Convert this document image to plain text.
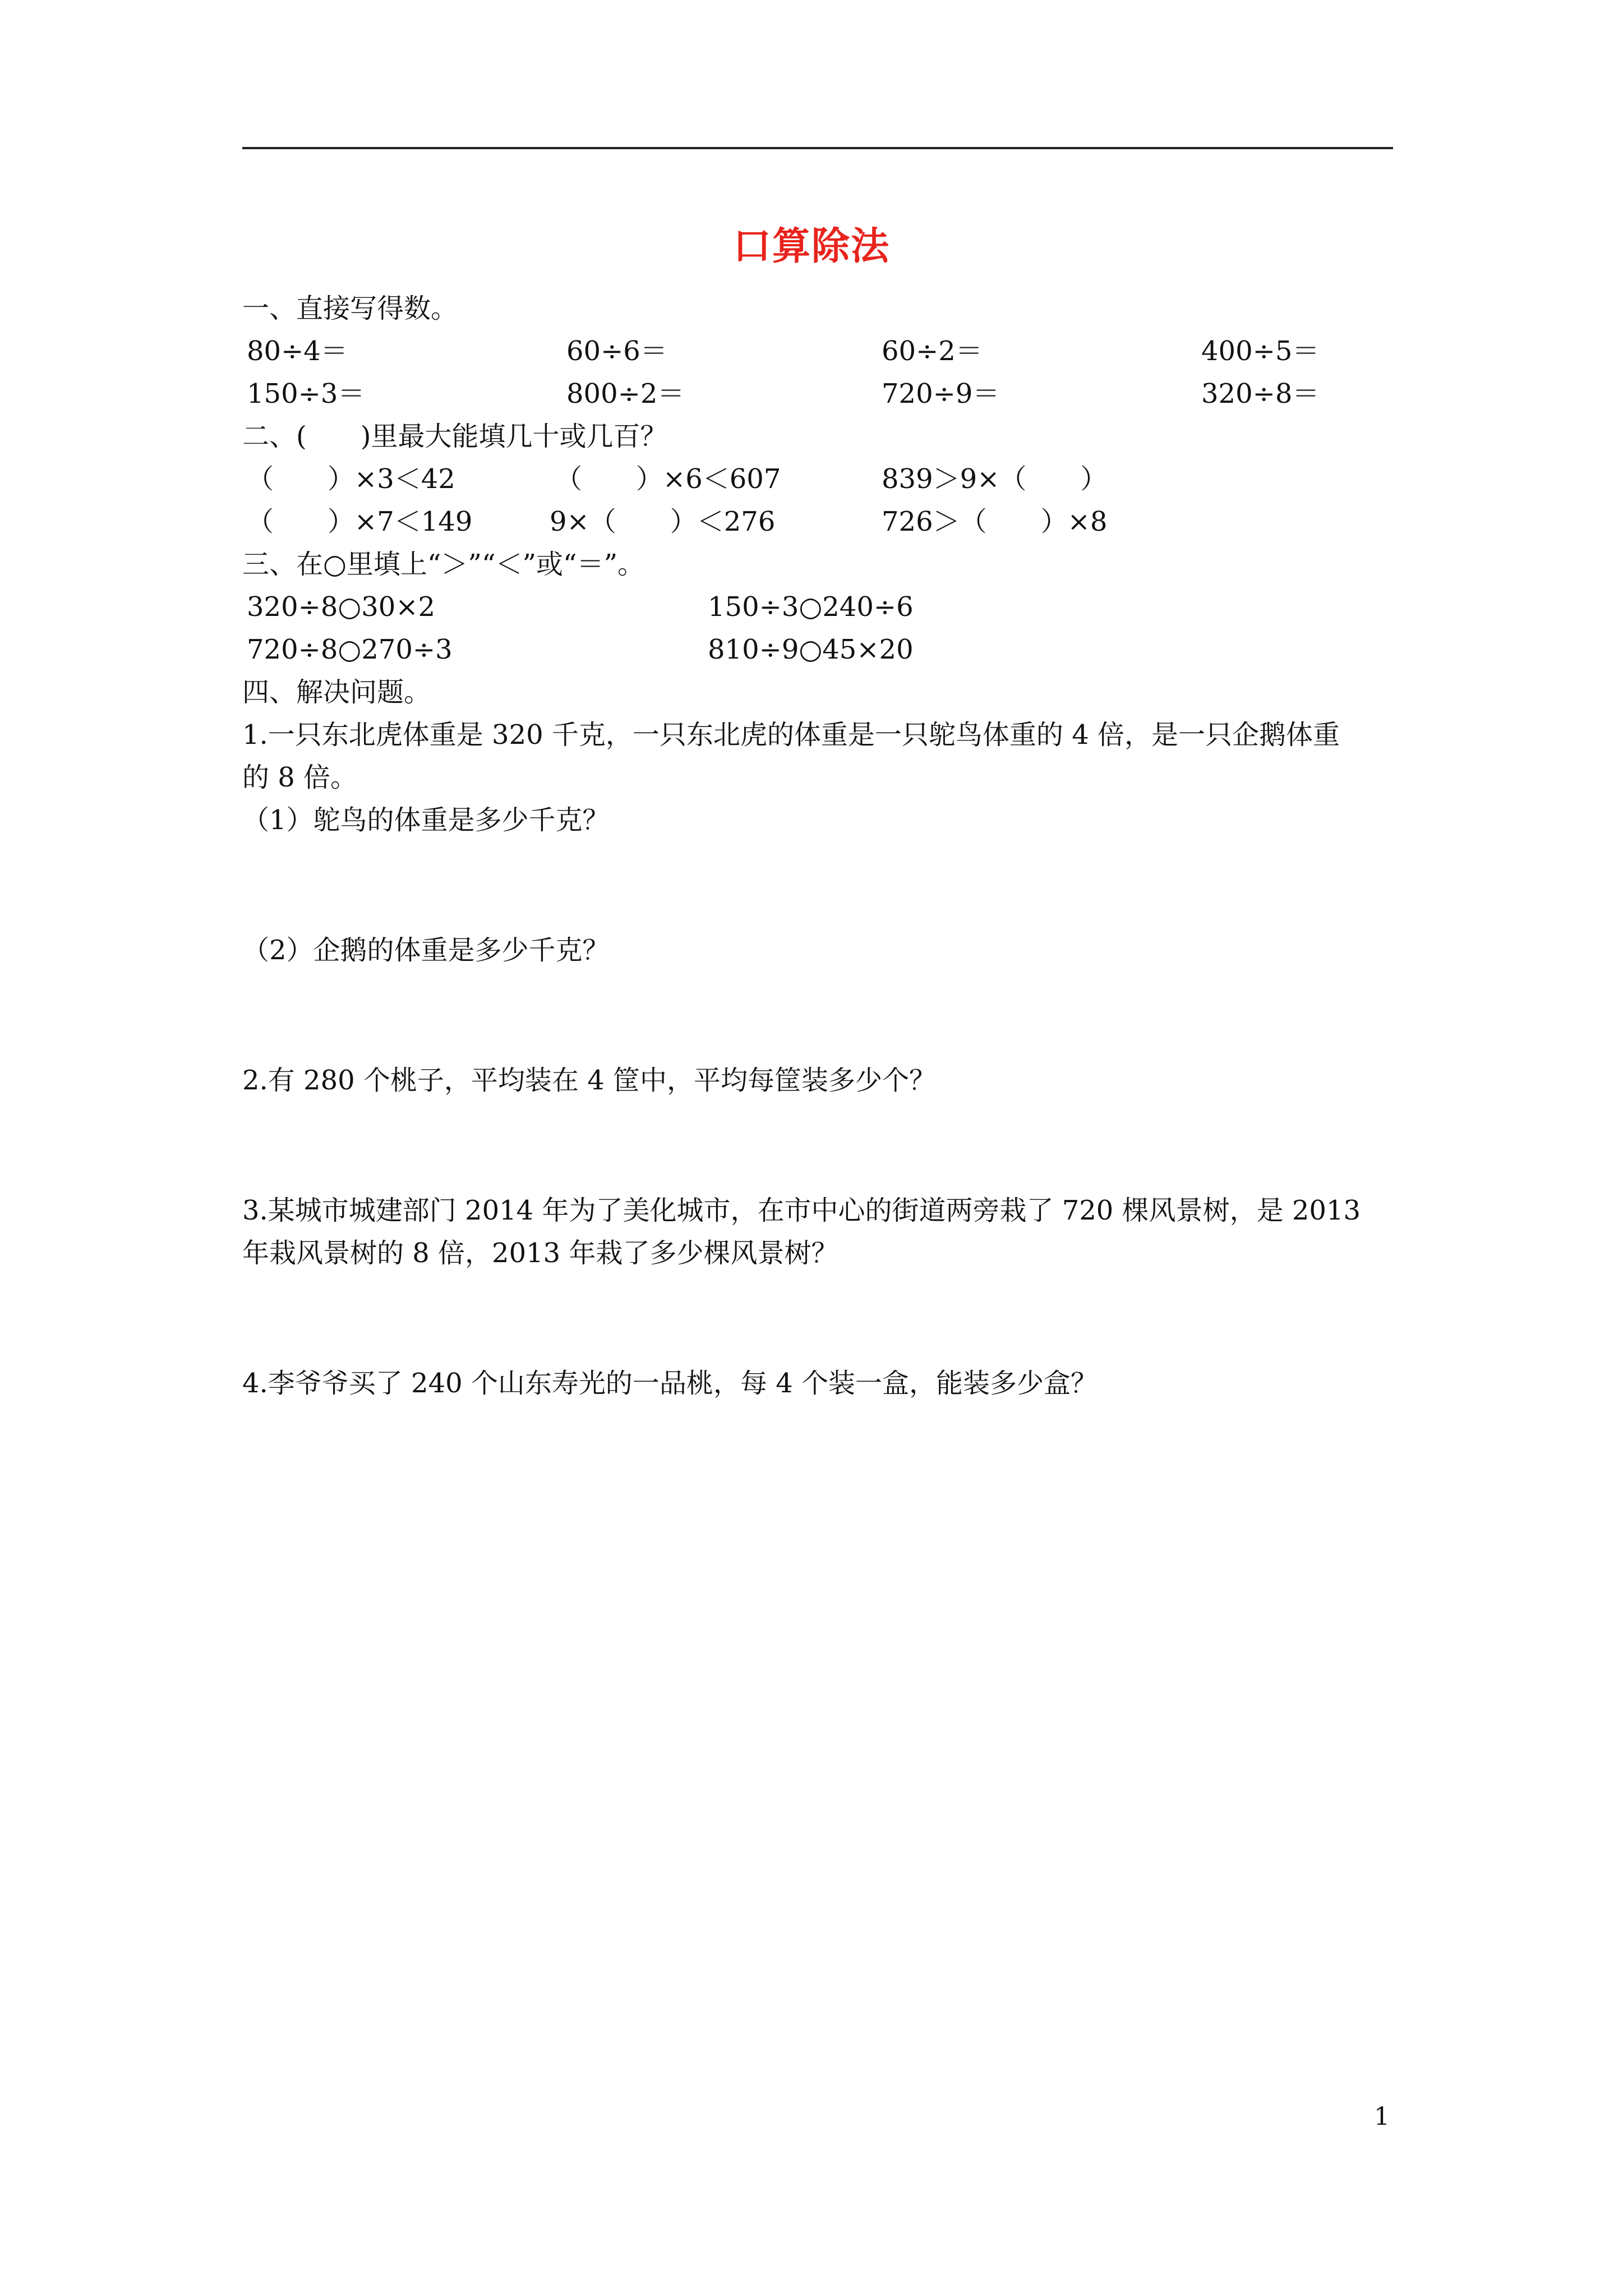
口算除法
一、直接写得数。
80÷4＝	60÷6＝	60÷2＝	400÷5＝
150÷3＝	800÷2＝	720÷9＝	320÷8＝
二、(　　)里最大能填几十或几百？
（　　）×3＜42	（　　）×6＜607	839＞9×（　　）
（　　）×7＜149	9×（　　）＜276	726＞（　　）×8
三、在○里填上“＞”“＜”或“＝”。
320÷8○30×2	150÷3○240÷6
720÷8○270÷3	810÷9○45×20
四、解决问题。
1.一只东北虎体重是 320 千克，一只东北虎的体重是一只鸵鸟体重的 4 倍，是一只企鹅体重
的 8 倍。
（1）鸵鸟的体重是多少千克？
（2）企鹅的体重是多少千克？
2.有 280 个桃子，平均装在 4 筐中，平均每筐装多少个？
3.某城市城建部门 2014 年为了美化城市，在市中心的街道两旁栽了 720 棵风景树，是 2013
年栽风景树的 8 倍，2013 年栽了多少棵风景树？
4.李爷爷买了 240 个山东寿光的一品桃，每 4 个装一盒，能装多少盒？
1
